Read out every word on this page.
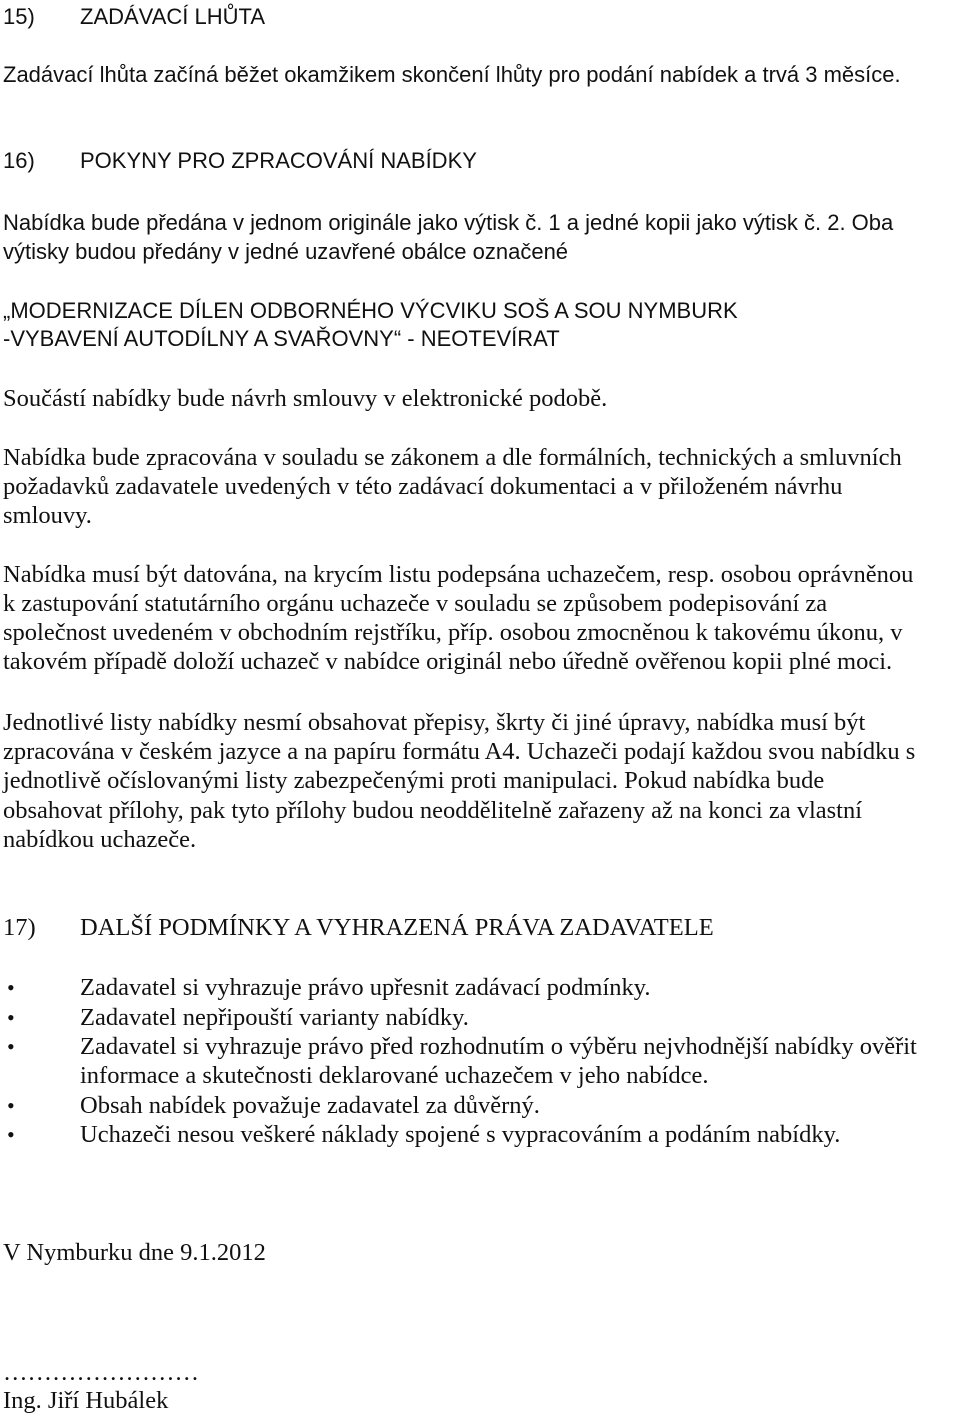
15) ZADÁVACÍ LHŮTA
Zadávací lhůta začíná běžet okamžikem skončení lhůty pro podání nabídek a trvá 3 měsíce.
16) POKYNY PRO ZPRACOVÁNÍ NABÍDKY
Nabídka bude předána v jednom originále jako výtisk č. 1 a jedné kopii jako výtisk č. 2. Oba
výtisky budou předány v jedné uzavřené obálce označené
„MODERNIZACE DÍLEN ODBORNÉHO VÝCVIKU SOŠ A SOU NYMBURK
-VYBAVENÍ AUTODÍLNY A SVAŘOVNY“ - NEOTEVÍRAT
Součástí nabídky bude návrh smlouvy v elektronické podobě.
Nabídka bude zpracována v souladu se zákonem a dle formálních, technických a smluvních
požadavků zadavatele uvedených v této zadávací dokumentaci a v přiloženém návrhu
smlouvy.
Nabídka musí být datována, na krycím listu podepsána uchazečem, resp. osobou oprávněnou
k zastupování statutárního orgánu uchazeče v souladu se způsobem podepisování za
společnost uvedeném v obchodním rejstříku, příp. osobou zmocněnou k takovému úkonu, v
takovém případě doloží uchazeč v nabídce originál nebo úředně ověřenou kopii plné moci.
Jednotlivé listy nabídky nesmí obsahovat přepisy, škrty či jiné úpravy, nabídka musí být
zpracována v českém jazyce a na papíru formátu A4. Uchazeči podají každou svou nabídku s
jednotlivě očíslovanými listy zabezpečenými proti manipulaci. Pokud nabídka bude
obsahovat přílohy, pak tyto přílohy budou neoddělitelně zařazeny až na konci za vlastní
nabídkou uchazeče.
17) DALŠÍ PODMÍNKY A VYHRAZENÁ PRÁVA ZADAVATELE
•	Zadavatel si vyhrazuje právo upřesnit zadávací podmínky.
•	Zadavatel nepřipouští varianty nabídky.
•	Zadavatel si vyhrazuje právo před rozhodnutím o výběru nejvhodnější nabídky ověřit
informace a skutečnosti deklarované uchazečem v jeho nabídce.
•	Obsah nabídek považuje zadavatel za důvěrný.
•	Uchazeči nesou veškeré náklady spojené s vypracováním a podáním nabídky.
V Nymburku dne 9.1.2012
……………………
Ing. Jiří Hubálek
